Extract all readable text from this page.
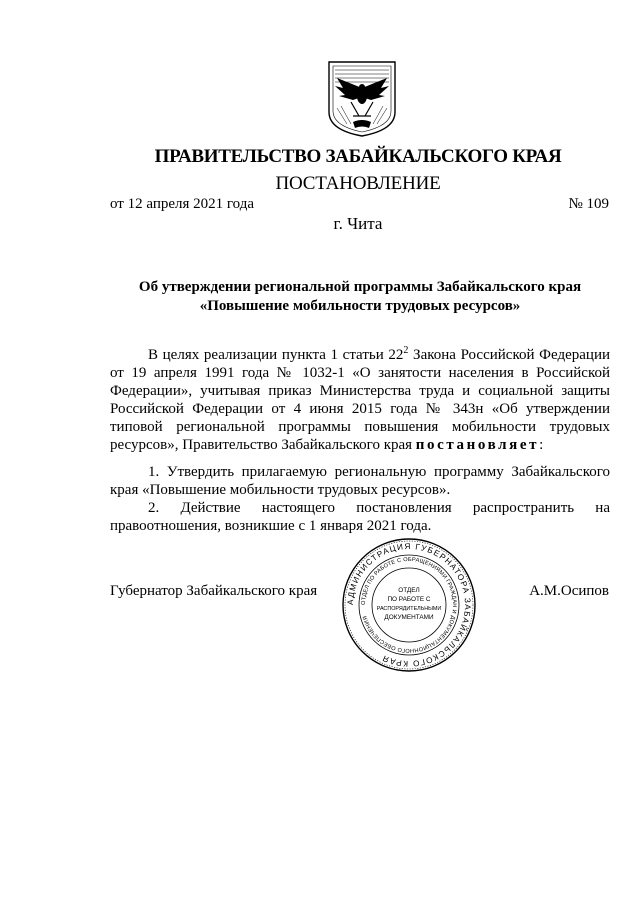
ПРАВИТЕЛЬСТВО ЗАБАЙКАЛЬСКОГО КРАЯ
ПОСТАНОВЛЕНИЕ
от 12 апреля 2021 года	№ 109
г. Чита
Об утверждении региональной программы Забайкальского края
«Повышение мобильности трудовых ресурсов»
В целях реализации пункта 1 статьи $22^2$ Закона Российской Федерации от 19 апреля 1991 года № 1032-1 «О занятости населения в Российской Федерации», учитывая приказ Министерства труда и социальной защиты Российской Федерации от 4 июня 2015 года № 343н «Об утверждении типовой региональной программы повышения мобильности трудовых ресурсов», Правительство Забайкальского края постановляет:
1. Утвердить прилагаемую региональную программу Забайкальского края «Повышение мобильности трудовых ресурсов».
2. Действие настоящего постановления распространить на правоотношения, возникшие с 1 января 2021 года.
Губернатор Забайкальского края
АДМИНИСТРАЦИЯ ГУБЕРНАТОРА ЗАБАЙКАЛЬСКОГО КРАЯ
ОТДЕЛ ПО РАБОТЕ С ОБРАЩЕНИЯМИ ГРАЖДАН И ДОКУМЕНТАЦИОННОГО ОБЕСПЕЧЕНИЯ
ОТДЕЛ
ПО РАБОТЕ С
РАСПОРЯДИТЕЛЬНЫМИ
ДОКУМЕНТАМИ
А.М.Осипов
